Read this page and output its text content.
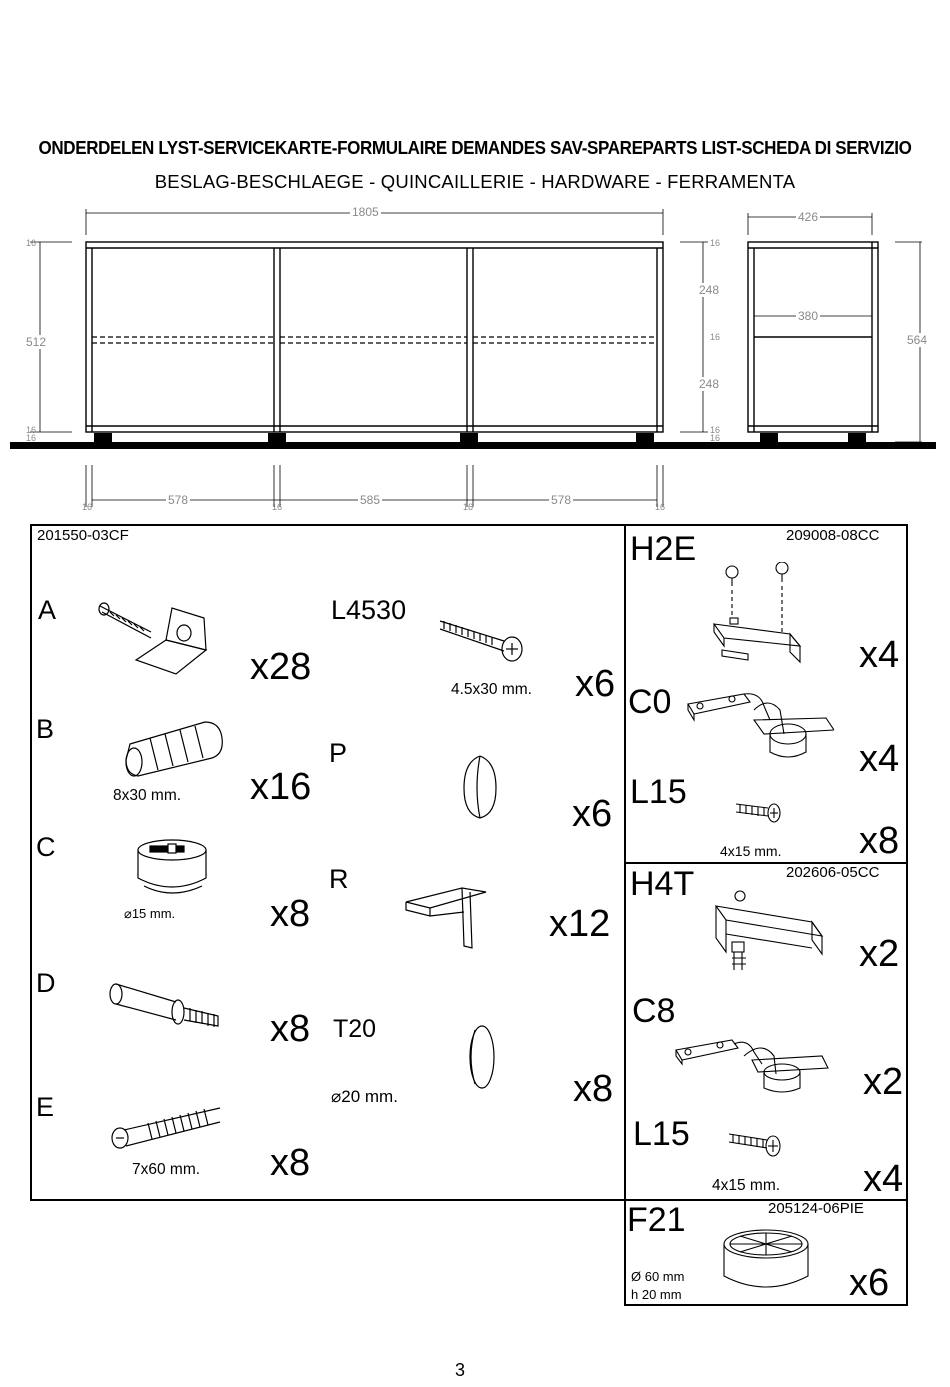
ONDERDELEN LYST-SERVICEKARTE-FORMULAIRE DEMANDES SAV-SPAREPARTS LIST-SCHEDA DI SERVIZIO
BESLAG-BESCHLAEGE - QUINCAILLERIE - HARDWARE - FERRAMENTA
1805	426
380
512	564
16
16
16
16
248
16
248
16
16
16	578	16	585	16	578	16
201550-03CF
A
x28
B
8x30 mm. x16
C
⌀15 mm. x8
D
x8
E
7x60 mm. x8
L4530
4.5x30 mm. x6
P
x6
R
x12
T20
⌀20 mm.	x8
H2E	209008-08CC
x4
C0
x4
L15
4x15 mm. x8
H4T	202606-05CC
x2
C8
x2
L15
4x15 mm. x4
F21	205124-06PIE
Ø 60 mm
h 20 mm	x6
3
